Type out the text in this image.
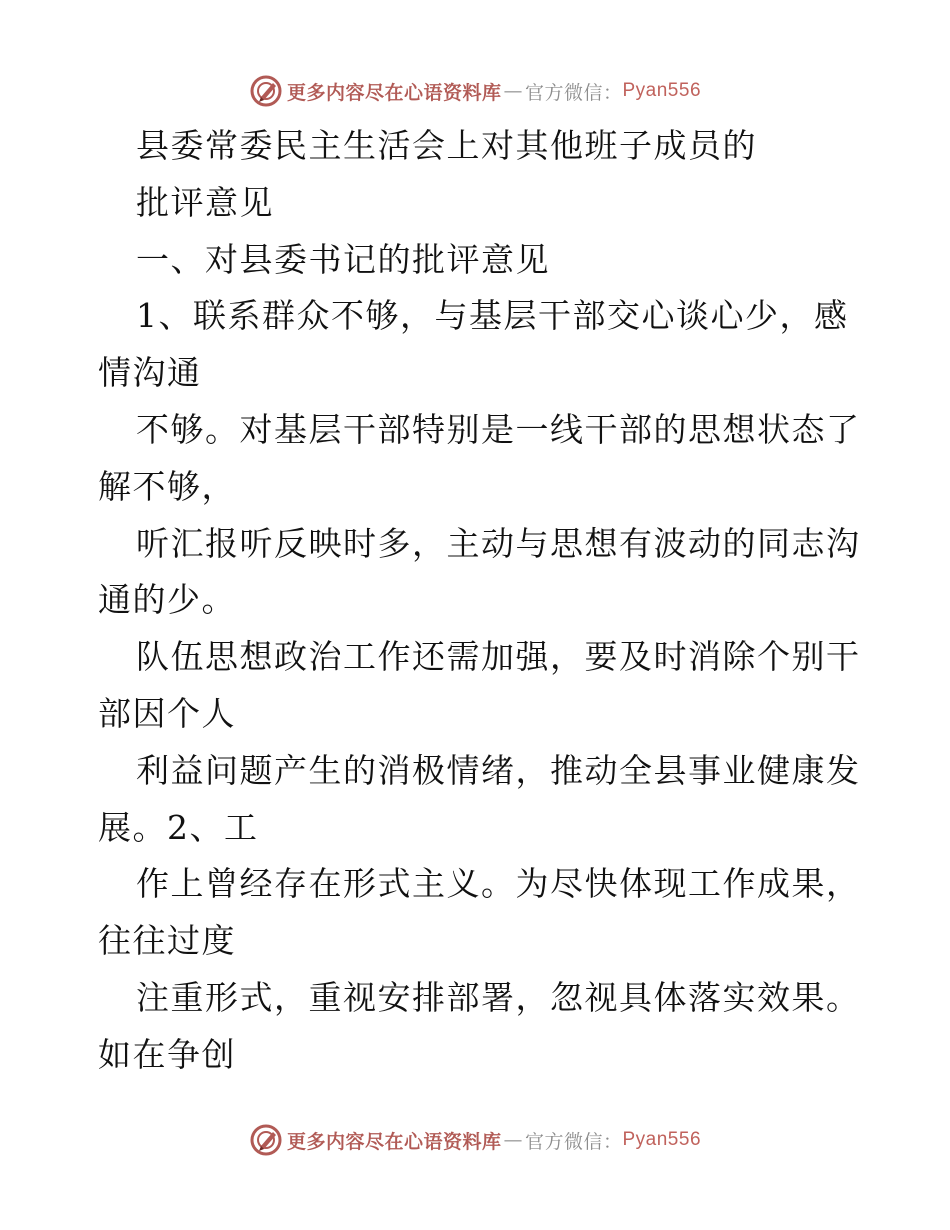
更多内容尽在心语资料库 — 官方微信： Pyan556
县委常委民主生活会上对其他班子成员的
批评意见
一、对县委书记的批评意见
1、联系群众不够，与基层干部交心谈心少，感
情沟通
不够。对基层干部特别是一线干部的思想状态了
解不够，
听汇报听反映时多，主动与思想有波动的同志沟
通的少。
队伍思想政治工作还需加强，要及时消除个别干
部因个人
利益问题产生的消极情绪，推动全县事业健康发
展。2、工
作上曾经存在形式主义。为尽快体现工作成果，
往往过度
注重形式，重视安排部署，忽视具体落实效果。
如在争创
更多内容尽在心语资料库 — 官方微信： Pyan556
